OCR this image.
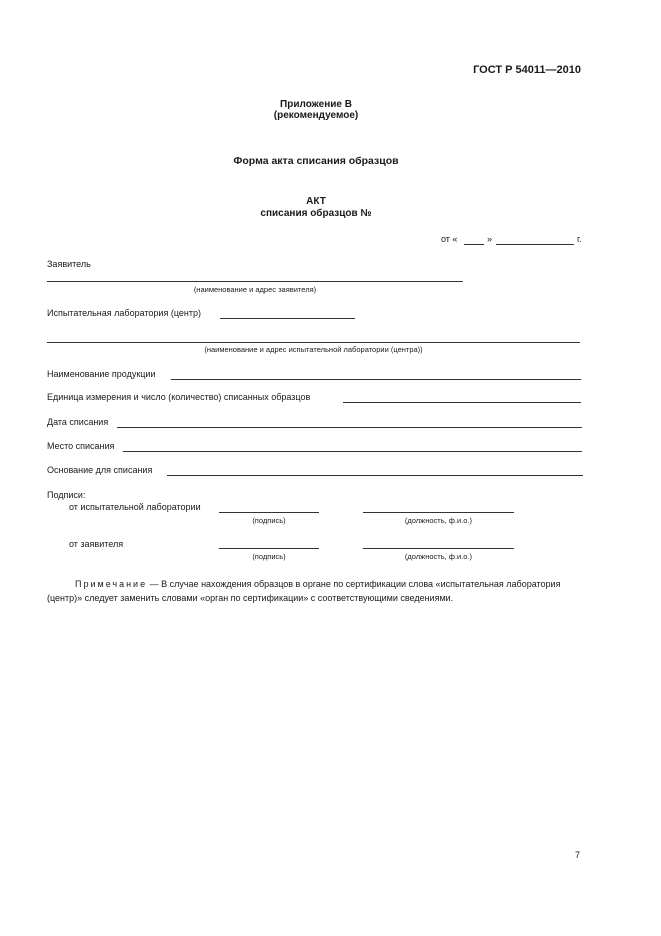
ГОСТ Р 54011—2010
Приложение В
(рекомендуемое)
Форма акта списания образцов
АКТ
списания образцов №
от «	»	г.
Заявитель
(наименование и адрес заявителя)
Испытательная лаборатория (центр)
(наименование и адрес испытательной лаборатории (центра))
Наименование продукции
Единица измерения и число (количество) списанных образцов
Дата списания
Место списания
Основание для списания
Подписи:
от испытательной лаборатории
(подпись)	(должность, ф.и.о.)
от заявителя
(подпись)	(должность, ф.и.о.)
Примечание — В случае нахождения образцов в органе по сертификации слова «испытательная лаборатория (центр)» следует заменить словами «орган по сертификации» с соответствующими сведениями.
7
